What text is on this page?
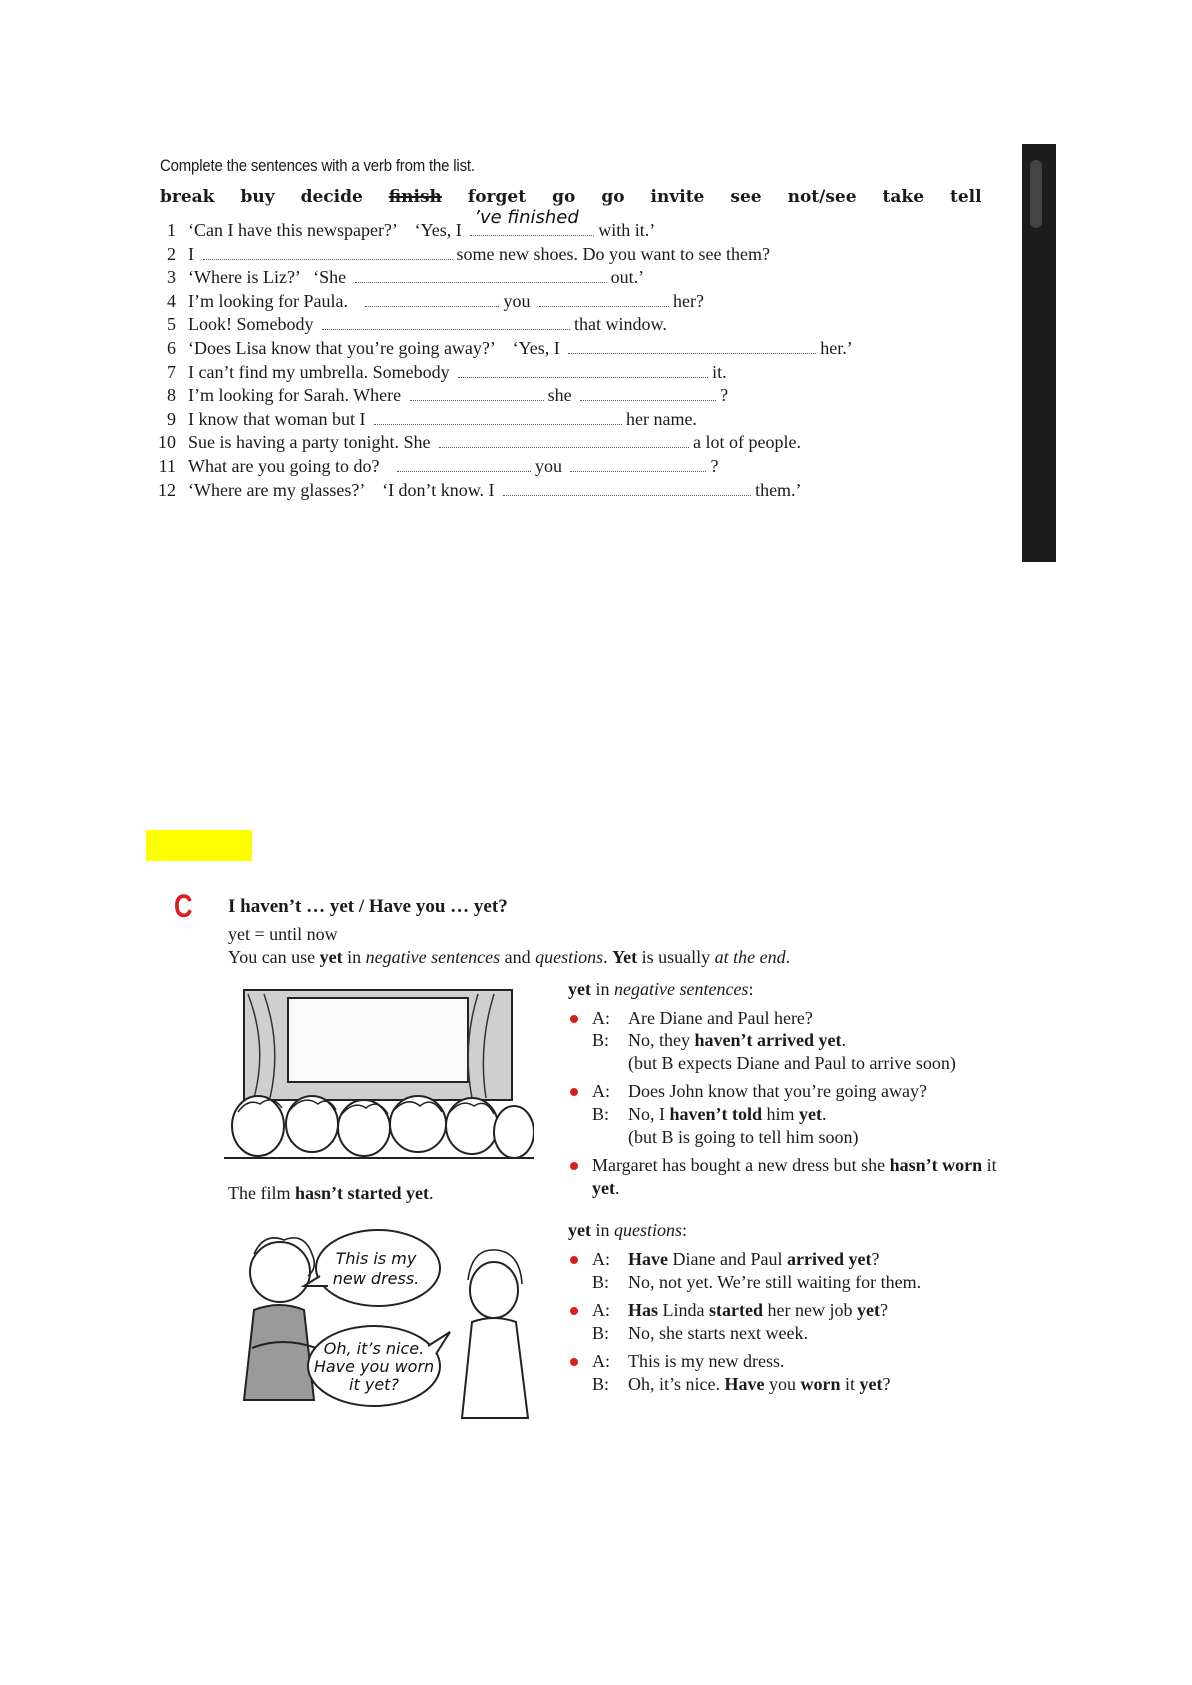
Complete the sentences with a verb from the list.
break buy decide finish forget go go invite see not/see take tell
1 ‘Can I have this newspaper?’    ‘Yes, I
’ve finished
with it.’
2 I	some new shoes. Do you want to see them?
3 ‘Where is Liz?’   ‘She	out.’
4 I’m looking for Paula.	you	her?
5 Look! Somebody	that window.
6 ‘Does Lisa know that you’re going away?’    ‘Yes, I	her.’
7 I can’t find my umbrella. Somebody	it.
8 I’m looking for Sarah. Where	she	?
9 I know that woman but I	her name.
10 Sue is having a party tonight. She	a lot of people.
11 What are you going to do?	you	?
12 ‘Where are my glasses?’    ‘I don’t know. I	them.’
C I haven’t … yet / Have you … yet?
yet = until now
You can use yet in negative sentences and questions. Yet is usually at the end.
The film hasn’t started yet.
This is my
new dress.
Oh, it’s nice.
Have you worn
it yet?
yet in negative sentences:
A:	Are Diane and Paul here?
B:	No, they haven’t arrived yet.
(but B expects Diane and Paul to arrive soon)
A:	Does John know that you’re going away?
B:	No, I haven’t told him yet.
(but B is going to tell him soon)
Margaret has bought a new dress but she hasn’t worn it yet.
yet in questions:
A:	Have Diane and Paul arrived yet?
B:	No, not yet. We’re still waiting for them.
A:	Has Linda started her new job yet?
B:	No, she starts next week.
A:	This is my new dress.
B:	Oh, it’s nice. Have you worn it yet?
